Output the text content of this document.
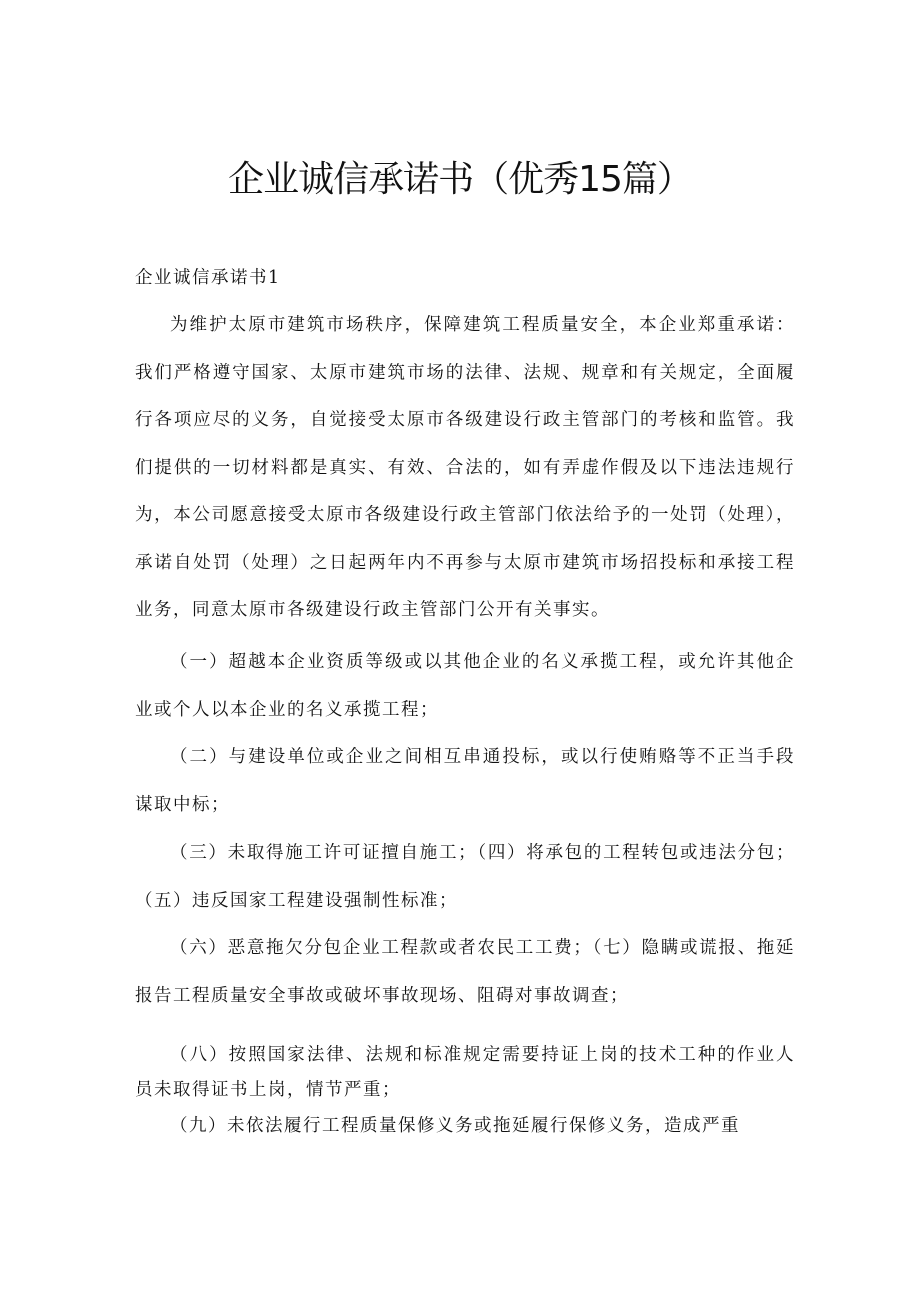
企业诚信承诺书（优秀15篇）

企业诚信承诺书1

为维护太原市建筑市场秩序，保障建筑工程质量安全，本企业郑重承诺：我们严格遵守国家、太原市建筑市场的法律、法规、规章和有关规定，全面履行各项应尽的义务，自觉接受太原市各级建设行政主管部门的考核和监管。我们提供的一切材料都是真实、有效、合法的，如有弄虚作假及以下违法违规行为，本公司愿意接受太原市各级建设行政主管部门依法给予的一处罚（处理），承诺自处罚（处理）之日起两年内不再参与太原市建筑市场招投标和承接工程业务，同意太原市各级建设行政主管部门公开有关事实。

（一）超越本企业资质等级或以其他企业的名义承揽工程，或允许其他企业或个人以本企业的名义承揽工程；

（二）与建设单位或企业之间相互串通投标，或以行使贿赂等不正当手段谋取中标；

（三）未取得施工许可证擅自施工；（四）将承包的工程转包或违法分包；（五）违反国家工程建设强制性标准；

（六）恶意拖欠分包企业工程款或者农民工工费；（七）隐瞒或谎报、拖延报告工程质量安全事故或破坏事故现场、阻碍对事故调查；

（八）按照国家法律、法规和标准规定需要持证上岗的技术工种的作业人员未取得证书上岗，情节严重；

（九）未依法履行工程质量保修义务或拖延履行保修义务，造成严重
